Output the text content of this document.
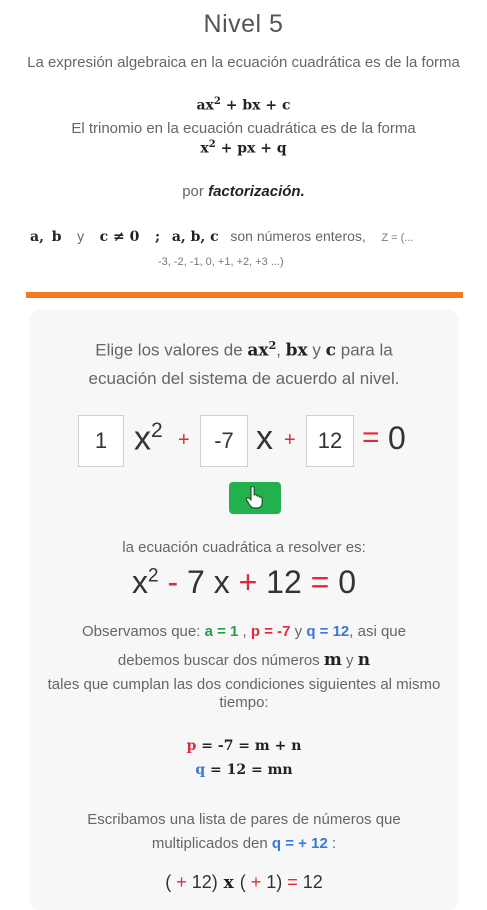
Nivel 5
La expresión algebraica en la ecuación cuadrática es de la forma
$ax^2$ + bx + c
El trinomio en la ecuación cuadrática es de la forma
$x^2$ + px + q
por factorización.
a, b y c ≠ 0 ; a, b, c son números enteros, Z = (...
-3, -2, -1, 0, +1, +2, +3 ...)
Elige los valores de $ax^2$, bx y c para la
ecuación del sistema de acuerdo al nivel.
1 $x^2$ +	-7 x +	12 = 0
la ecuación cuadrática a resolver es:
$x^2 - 7$ x + 12 = 0
Observamos que: a = 1 , p = -7 y q = 12, asi que
debemos buscar dos números m y n
tales que cumplan las dos condiciones siguientes al mismo tiempo:
p = -7 = m + n
q = 12 = mn
Escribamos una lista de pares de números que
multiplicados den q = + 12 :
( + 12) x ( + 1) = 12
